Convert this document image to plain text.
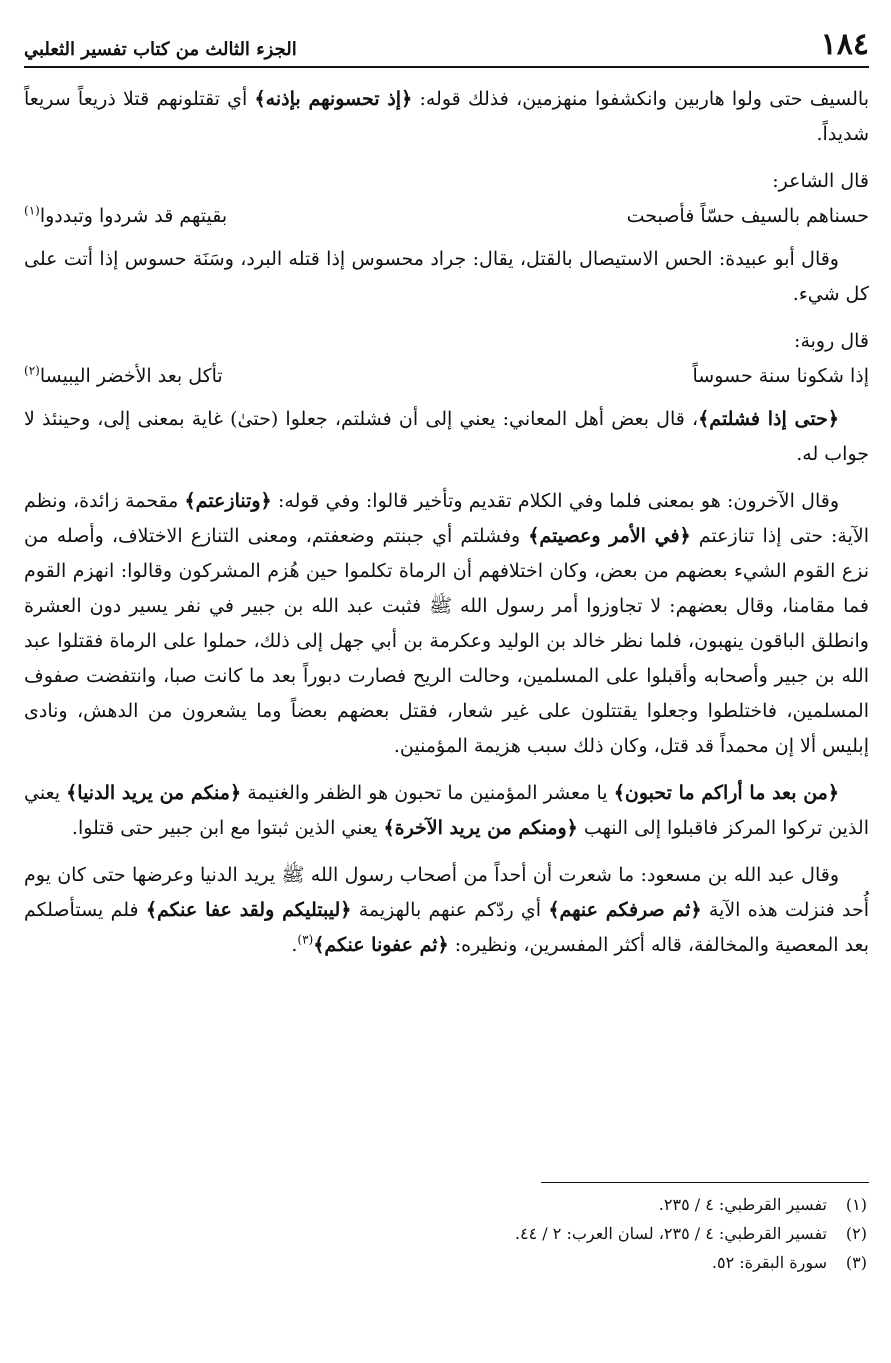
١٨٤
الجزء الثالث من كتاب تفسير الثعلبي

بالسيف حتى ولوا هاربين وانكشفوا منهزمين، فذلك قوله: ﴿إذ تحسونهم بإذنه﴾ أي تقتلونهم قتلا ذريعاً سريعاً شديداً.

قال الشاعر:

حسناهم بالسيف حسّاً فأصبحت
بقيتهم قد شردوا وتبددوا$^{(١)}$

وقال أبو عبيدة: الحس الاستيصال بالقتل، يقال: جراد محسوس إذا قتله البرد، وسَنَة حسوس إذا أتت على كل شيء.

قال روبة:

إذا شكونا سنة حسوساً
تأكل بعد الأخضر اليبيسا$^{(٢)}$

﴿حتى إذا فشلتم﴾، قال بعض أهل المعاني: يعني إلى أن فشلتم، جعلوا (حتىٰ) غاية بمعنى إلى، وحينئذ لا جواب له.

وقال الآخرون: هو بمعنى فلما وفي الكلام تقديم وتأخير قالوا: وفي قوله: ﴿وتنازعتم﴾ مقحمة زائدة، ونظم الآية: حتى إذا تنازعتم ﴿في الأمر وعصيتم﴾ وفشلتم أي جبنتم وضعفتم، ومعنى التنازع الاختلاف، وأصله من نزع القوم الشيء بعضهم من بعض، وكان اختلافهم أن الرماة تكلموا حين هُزم المشركون وقالوا: انهزم القوم فما مقامنا، وقال بعضهم: لا تجاوزوا أمر رسول الله ﷺ فثبت عبد الله بن جبير في نفر يسير دون العشرة وانطلق الباقون ينهبون، فلما نظر خالد بن الوليد وعكرمة بن أبي جهل إلى ذلك، حملوا على الرماة فقتلوا عبد الله بن جبير وأصحابه وأقبلوا على المسلمين، وحالت الريح فصارت دبوراً بعد ما كانت صبا، وانتفضت صفوف المسلمين، فاختلطوا وجعلوا يقتتلون على غير شعار، فقتل بعضهم بعضاً وما يشعرون من الدهش، ونادى إبليس ألا إن محمداً قد قتل، وكان ذلك سبب هزيمة المؤمنين.

﴿من بعد ما أراكم ما تحبون﴾ يا معشر المؤمنين ما تحبون هو الظفر والغنيمة ﴿منكم من يريد الدنيا﴾ يعني الذين تركوا المركز فاقبلوا إلى النهب ﴿ومنكم من يريد الآخرة﴾ يعني الذين ثبتوا مع ابن جبير حتى قتلوا.

وقال عبد الله بن مسعود: ما شعرت أن أحداً من أصحاب رسول الله ﷺ يريد الدنيا وعرضها حتى كان يوم أُحد فنزلت هذه الآية ﴿ثم صرفكم عنهم﴾ أي ردّكم عنهم بالهزيمة ﴿ليبتليكم ولقد عفا عنكم﴾ فلم يستأصلكم بعد المعصية والمخالفة، قاله أكثر المفسرين، ونظيره: ﴿ثم عفونا عنكم﴾$^{(٣)}$.

(١)تفسير القرطبي: ٤ / ٢٣٥.
(٢)تفسير القرطبي: ٤ / ٢٣٥، لسان العرب: ٢ / ٤٤.
(٣)سورة البقرة: ٥٢.
